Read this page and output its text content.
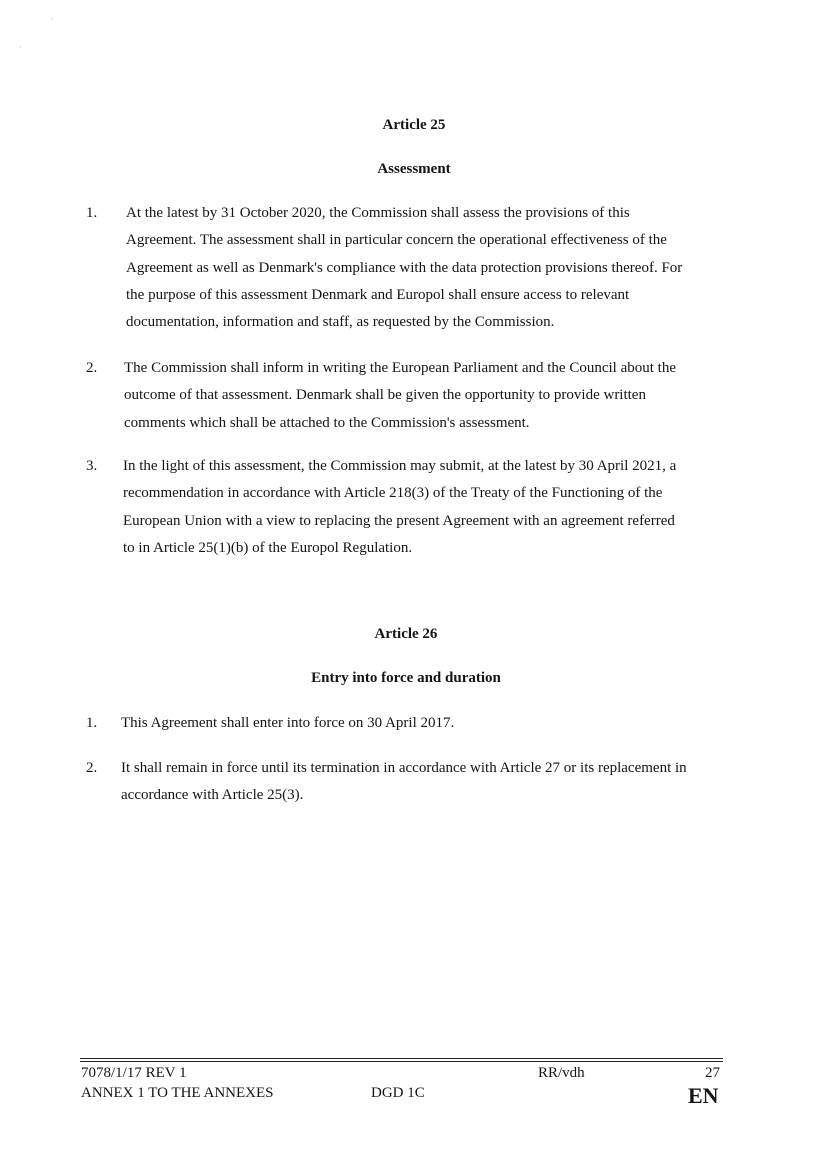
Article 25
Assessment
1. At the latest by 31 October 2020, the Commission shall assess the provisions of this
Agreement. The assessment shall in particular concern the operational effectiveness of the
Agreement as well as Denmark's compliance with the data protection provisions thereof. For
the purpose of this assessment Denmark and Europol shall ensure access to relevant
documentation, information and staff, as requested by the Commission.
2. The Commission shall inform in writing the European Parliament and the Council about the
outcome of that assessment. Denmark shall be given the opportunity to provide written
comments which shall be attached to the Commission's assessment.
3. In the light of this assessment, the Commission may submit, at the latest by 30 April 2021, a
recommendation in accordance with Article 218(3) of the Treaty of the Functioning of the
European Union with a view to replacing the present Agreement with an agreement referred
to in Article 25(1)(b) of the Europol Regulation.
Article 26
Entry into force and duration
1. This Agreement shall enter into force on 30 April 2017.
2. It shall remain in force until its termination in accordance with Article 27 or its replacement in
accordance with Article 25(3).
7078/1/17 REV 1
ANNEX 1 TO THE ANNEXES
RR/vdh
DGD 1C
27
EN
